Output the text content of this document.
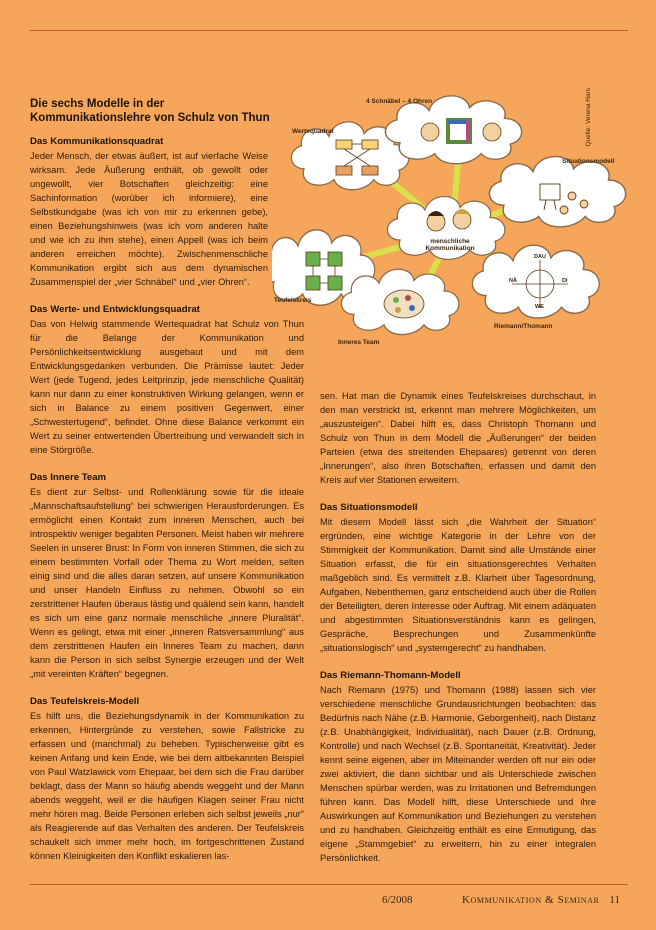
Die sechs Modelle in der Kommunikationslehre von Schulz von Thun

Das Kommunikationsquadrat

Jeder Mensch, der etwas äußert, ist auf vierfache Weise wirksam. Jede Äußerung enthält, ob gewollt oder ungewollt, vier Botschaften gleichzeitig: eine Sachinformation (worüber ich informiere), eine Selbstkundgabe (was ich von mir zu erkennen gebe), einen Beziehungshinweis (was ich vom anderen halte und wie ich zu ihm stehe), einen Appell (was ich beim anderen erreichen möchte). Zwischenmenschliche Kommunikation ergibt sich aus dem dynamischen Zusammenspiel der „vier Schnäbel“ und „vier Ohren“.

Das Werte- und Entwicklungsquadrat

Das von Helwig stammende Wertequadrat hat Schulz von Thun für die Belange der Kommunikation und Persönlichkeitsentwicklung ausgebaut und mit dem Entwicklungsgedanken verbunden. Die Prämisse lautet: Jeder Wert (jede Tugend, jedes Leitprinzip, jede menschliche Qualität) kann nur dann zu einer konstruktiven Wirkung gelangen, wenn er sich in Balance zu einem positiven Gegenwert, einer „Schwestertugend“, befindet. Ohne diese Balance verkommt ein Wert zu seiner entwertenden Übertreibung und verwandelt sich in eine Störgröße.

Das Innere Team

Es dient zur Selbst- und Rollenklärung sowie für die ideale „Mannschaftsaufstellung“ bei schwierigen Herausforderungen. Es ermöglicht einen Kontakt zum inneren Menschen, auch bei introspektiv weniger begabten Personen. Meist haben wir mehrere Seelen in unserer Brust: In Form von inneren Stimmen, die sich zu einem bestimmten Vorfall oder Thema zu Wort melden, selten einig sind und die alles daran setzen, auf unsere Kommunikation und unser Handeln Einfluss zu nehmen. Obwohl so ein zerstrittener Haufen überaus lästig und quälend sein kann, handelt es sich um eine ganz normale menschliche „innere Pluralität“. Wenn es gelingt, etwa mit einer „inneren Ratsversammlung“ aus dem zerstrittenen Haufen ein Inneres Team zu machen, dann kann die Person in sich selbst Synergie erzeugen und der Welt „mit vereinten Kräften“ begegnen.

Das Teufelskreis-Modell

Es hilft uns, die Beziehungsdynamik in der Kommunikation zu erkennen, Hintergründe zu verstehen, sowie Fallstricke zu erfassen und (manchmal) zu beheben. Typischerweise gibt es keinen Anfang und kein Ende, wie bei dem altbekannten Beispiel von Paul Watzlawick vom Ehepaar, bei dem sich die Frau darüber beklagt, dass der Mann so häufig abends weggeht und der Mann abends weggeht, weil er die häufigen Klagen seiner Frau nicht mehr hören mag. Beide Personen erleben sich selbst jeweils „nur“ als Reagierende auf das Verhalten des anderen. Der Teufelskreis schaukelt sich immer mehr hoch, im fortgeschrittenen Zustand können Kleinigkeiten den Konflikt eskalieren las-

sen. Hat man die Dynamik eines Teufelskreises durchschaut, in den man verstrickt ist, erkennt man mehrere Möglichkeiten, um „auszusteigen“. Dabei hilft es, dass Christoph Thomann und Schulz von Thun in dem Modell die „Äußerungen“ der beiden Parteien (etwa des streitenden Ehepaares) getrennt von deren „Innerungen“, also ihren Botschaften, erfassen und damit den Kreis auf vier Stationen erweitern.

Das Situationsmodell

Mit diesem Modell lässt sich „die Wahrheit der Situation“ ergründen, eine wichtige Kategorie in der Lehre von der Stimmigkeit der Kommunikation. Damit sind alle Umstände einer Situation erfasst, die für ein situationsgerechtes Verhalten maßgeblich sind. Es vermittelt z.B. Klarheit über Tagesordnung, Aufgaben, Nebenthemen, ganz entscheidend auch über die Rollen der Beteiligten, deren Interesse oder Auftrag. Mit einem adäquaten und abgestimmten Situationsverständnis kann es gelingen, Gespräche, Besprechungen und Zusammenkünfte „situationslogisch“ und „systemgerecht“ zu handhaben.

Das Riemann-Thomann-Modell

Nach Riemann (1975) und Thomann (1988) lassen sich vier verschiedene menschliche Grundausrichtungen beobachten: das Bedürfnis nach Nähe (z.B. Harmonie, Geborgenheit), nach Distanz (z.B. Unabhängigkeit, Individualität), nach Dauer (z.B. Ordnung, Kontrolle) und nach Wechsel (z.B. Spontaneität, Kreativität). Jeder kennt seine eigenen, aber im Miteinander werden oft nur ein oder zwei aktiviert, die dann sichtbar und als Unterschiede zwischen Menschen spürbar werden, was zu Irritationen und Befremdungen führen kann. Das Modell hilft, diese Unterschiede und ihre Auswirkungen auf Kommunikation und Beziehungen zu verstehen und zu handhaben. Gleichzeitig enthält es eine Ermutigung, das eigene „Stammgebiet“ zu erweitern, hin zu einer integralen Persönlichkeit.

4 Schnäbel – 4 Ohren
Wertequadrat
Situationsmodell
menschliche Kommunikation
Teufelskreis
Riemann/Thomann
Inneres Team
DAU
NÄ	DI
WE
Quelle: Verena Hars
6/2008	Kommunikation & Seminar 11
